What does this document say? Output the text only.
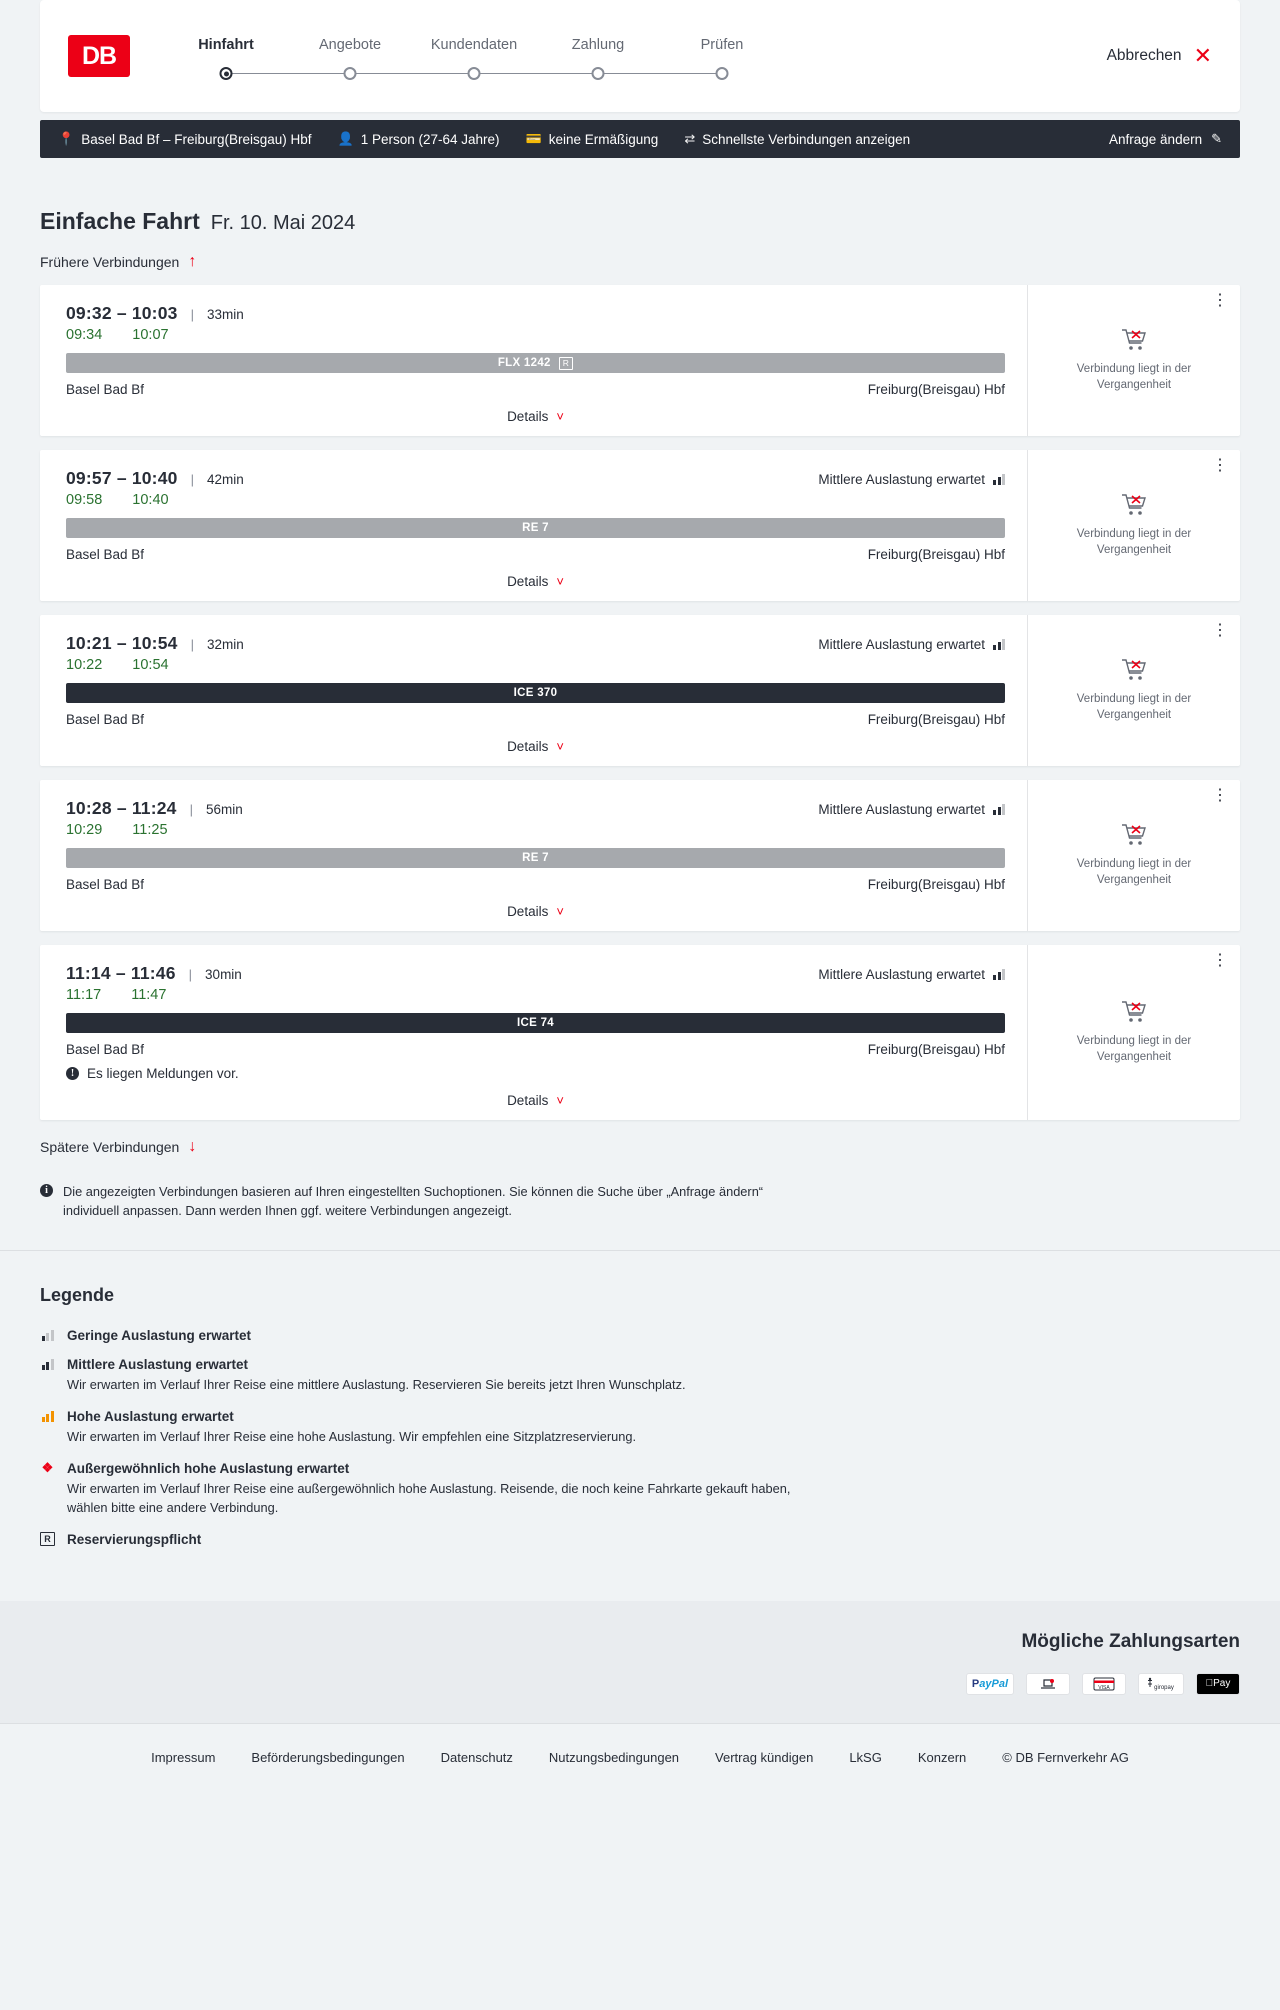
DB	Hinfahrt	Angebote	Kundendaten	Zahlung	Prüfen
Abbrechen ✕
📍 Basel Bad Bf – Freiburg(Breisgau) Hbf 👤 1 Person (27-64 Jahre) 💳 keine Ermäßigung ⇄ Schnellste Verbindungen anzeigen	Anfrage ändern ✎
Einfache Fahrt Fr. 10. Mai 2024
Frühere Verbindungen ↑
09:32 – 10:03 | 33min
09:34 10:07
FLX 1242	R
Basel Bad Bf	Freiburg(Breisgau) Hbf
Details ˅
⋮
Verbindung liegt in der Vergangenheit
09:57 – 10:40 | 42min	Mittlere Auslastung erwartet
09:58 10:40
RE 7
Basel Bad Bf	Freiburg(Breisgau) Hbf
Details ˅
⋮
Verbindung liegt in der Vergangenheit
10:21 – 10:54 | 32min	Mittlere Auslastung erwartet
10:22 10:54
ICE 370
Basel Bad Bf	Freiburg(Breisgau) Hbf
Details ˅
⋮
Verbindung liegt in der Vergangenheit
10:28 – 11:24 | 56min	Mittlere Auslastung erwartet
10:29 11:25
RE 7
Basel Bad Bf	Freiburg(Breisgau) Hbf
Details ˅
⋮
Verbindung liegt in der Vergangenheit
11:14 – 11:46 | 30min	Mittlere Auslastung erwartet
11:17 11:47
ICE 74
Basel Bad Bf	Freiburg(Breisgau) Hbf
! Es liegen Meldungen vor.
Details ˅
⋮
Verbindung liegt in der Vergangenheit
Spätere Verbindungen ↓
i	Die angezeigten Verbindungen basieren auf Ihren eingestellten Suchoptionen. Sie können die Suche über „Anfrage ändern“ individuell anpassen. Dann werden Ihnen ggf. weitere Verbindungen angezeigt.
Legende
Geringe Auslastung erwartet
Mittlere Auslastung erwartet
Wir erwarten im Verlauf Ihrer Reise eine mittlere Auslastung. Reservieren Sie bereits jetzt Ihren Wunschplatz.
Hohe Auslastung erwartet
Wir erwarten im Verlauf Ihrer Reise eine hohe Auslastung. Wir empfehlen eine Sitzplatzreservierung.
❖ Außergewöhnlich hohe Auslastung erwartet
Wir erwarten im Verlauf Ihrer Reise eine außergewöhnlich hohe Auslastung. Reisende, die noch keine Fahrkarte gekauft haben, wählen bitte eine andere Verbindung.
R Reservierungspflicht
Mögliche Zahlungsarten
P ayPal	VISA	giropay	Pay
Impressum	Beförderungsbedingungen	Datenschutz	Nutzungsbedingungen	Vertrag kündigen	LkSG	Konzern	© DB Fernverkehr AG
